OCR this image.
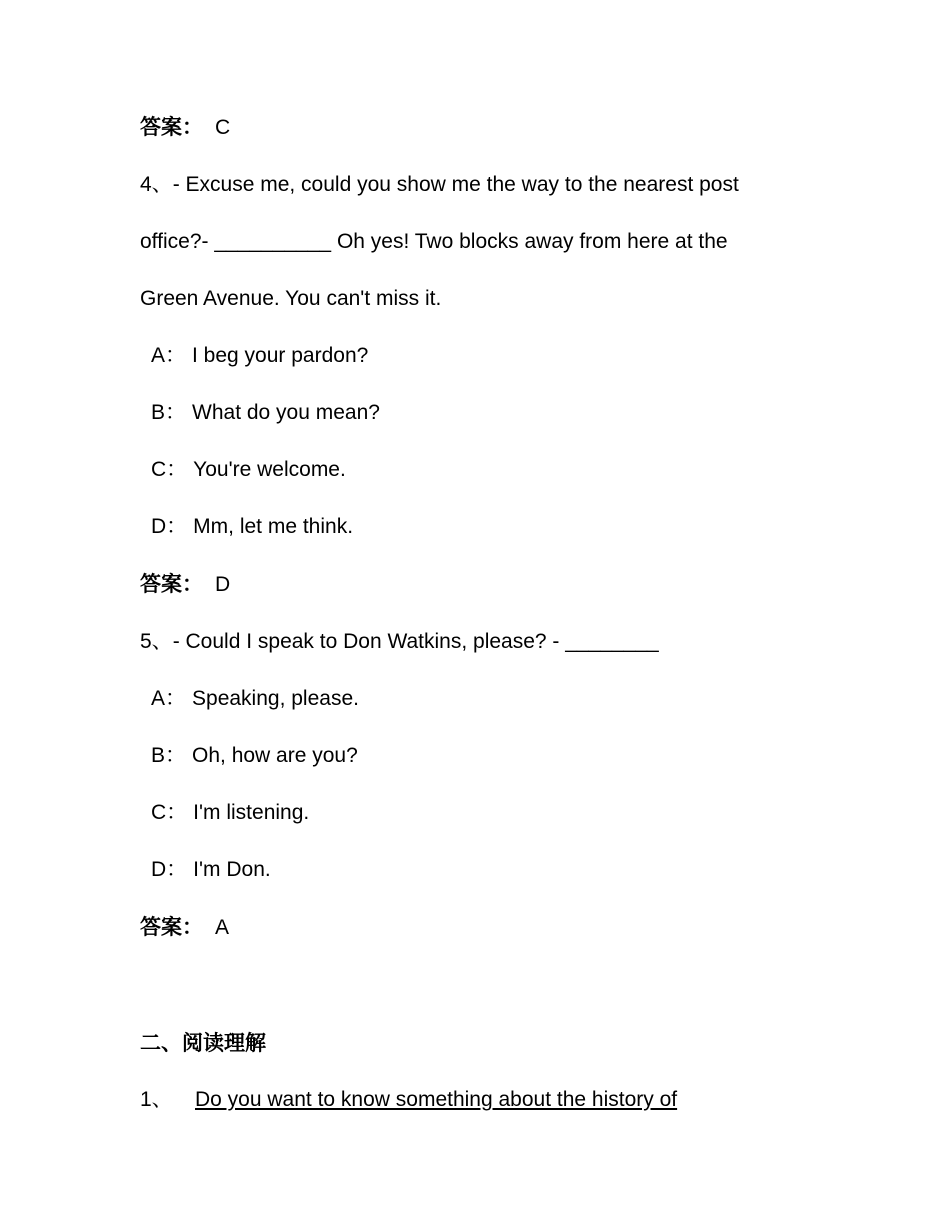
答案： C
4、- Excuse me, could you show me the way to the nearest post
office?- __________ Oh yes! Two blocks away from here at the
Green Avenue. You can't miss it.
A： I beg your pardon?
B： What do you mean?
C： You're welcome.
D： Mm, let me think.
答案： D
5、- Could I speak to Don Watkins, please? - ________
A： Speaking, please.
B： Oh, how are you?
C： I'm listening.
D： I'm Don.
答案： A
二、阅读理解
1、 Do you want to know something about the history of
